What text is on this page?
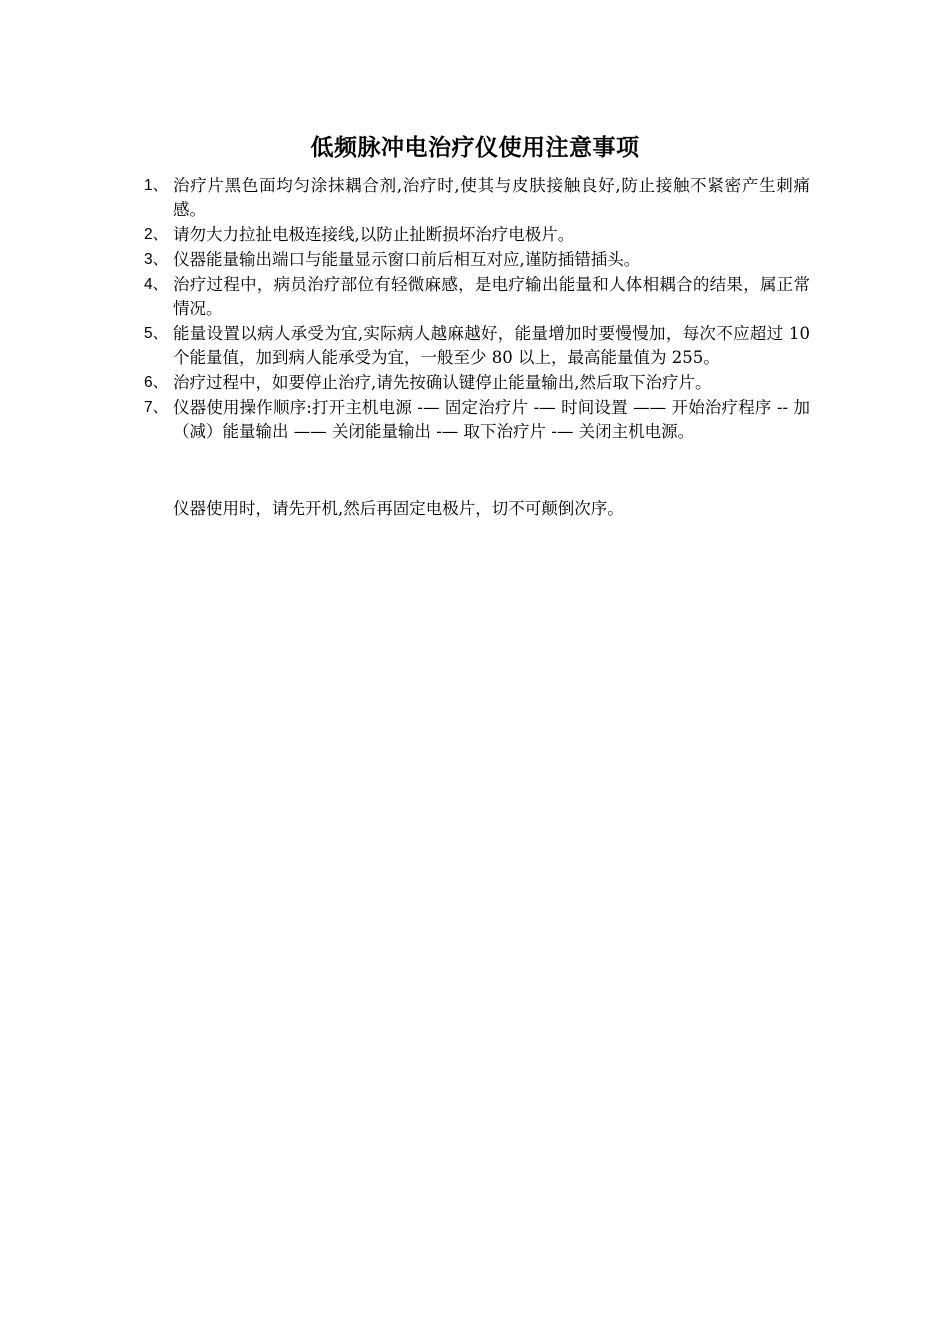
低频脉冲电治疗仪使用注意事项
1、 治疗片黑色面均匀涂抹耦合剂,治疗时,使其与皮肤接触良好,防止接触不紧密产生刺痛感。
2、 请勿大力拉扯电极连接线,以防止扯断损坏治疗电极片。
3、 仪器能量输出端口与能量显示窗口前后相互对应,谨防插错插头。
4、 治疗过程中，病员治疗部位有轻微麻感，是电疗输出能量和人体相耦合的结果，属正常情况。
5、 能量设置以病人承受为宜,实际病人越麻越好，能量增加时要慢慢加，每次不应超过 10 个能量值，加到病人能承受为宜，一般至少 80 以上，最高能量值为 255。
6、 治疗过程中，如要停止治疗,请先按确认键停止能量输出,然后取下治疗片。
7、 仪器使用操作顺序:打开主机电源 -— 固定治疗片 -— 时间设置 —— 开始治疗程序 -- 加（减）能量输出 —— 关闭能量输出 -— 取下治疗片 -— 关闭主机电源。
仪器使用时，请先开机,然后再固定电极片，切不可颠倒次序。
